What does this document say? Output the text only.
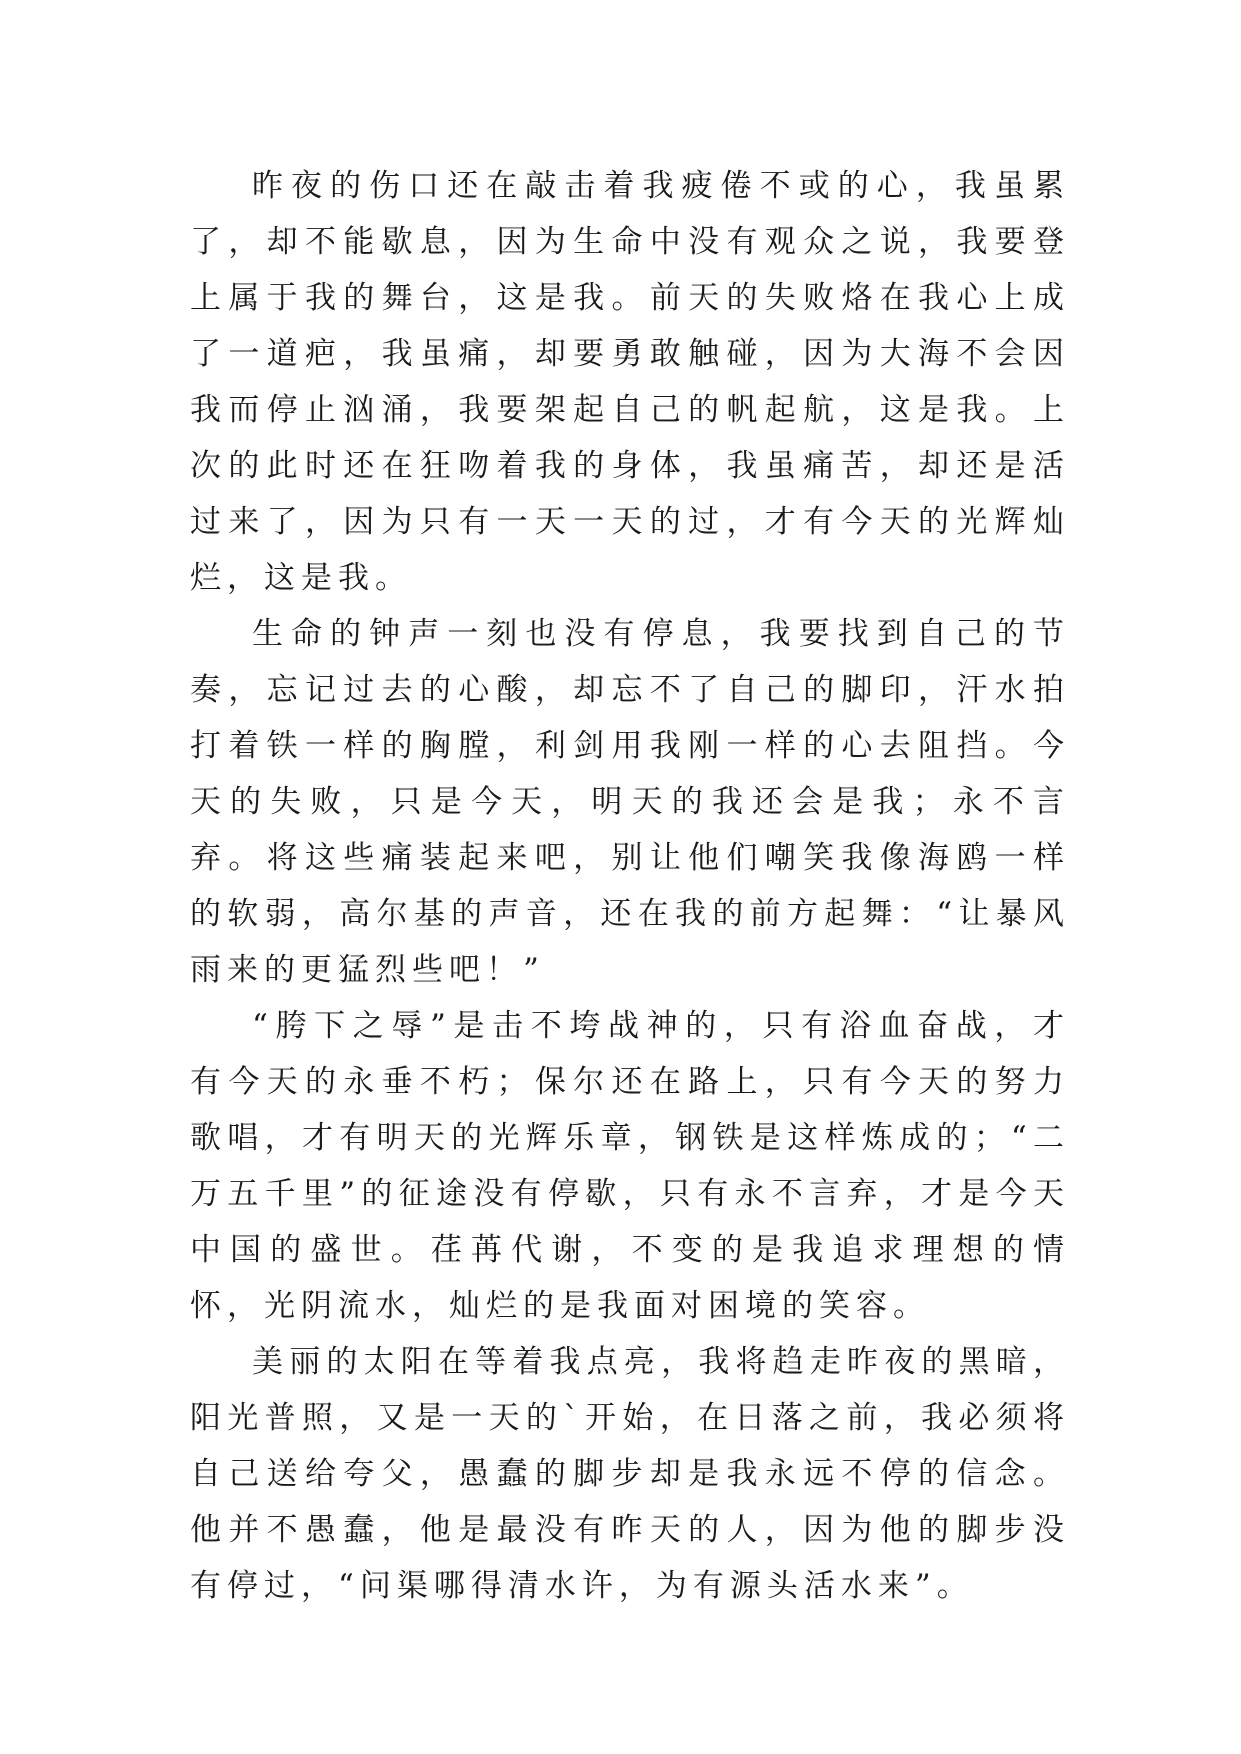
昨夜的伤口还在敲击着我疲倦不或的心，我虽累了，却不能歇息，因为生命中没有观众之说，我要登上属于我的舞台，这是我。前天的失败烙在我心上成了一道疤，我虽痛，却要勇敢触碰，因为大海不会因我而停止汹涌，我要架起自己的帆起航，这是我。上次的此时还在狂吻着我的身体，我虽痛苦，却还是活过来了，因为只有一天一天的过，才有今天的光辉灿烂，这是我。

生命的钟声一刻也没有停息，我要找到自己的节奏，忘记过去的心酸，却忘不了自己的脚印，汗水拍打着铁一样的胸膛，利剑用我刚一样的心去阻挡。今天的失败，只是今天，明天的我还会是我；永不言弃。将这些痛装起来吧，别让他们嘲笑我像海鸥一样的软弱，高尔基的声音，还在我的前方起舞：“让暴风雨来的更猛烈些吧！”

“胯下之辱”是击不垮战神的，只有浴血奋战，才有今天的永垂不朽；保尔还在路上，只有今天的努力歌唱，才有明天的光辉乐章，钢铁是这样炼成的；“二万五千里”的征途没有停歇，只有永不言弃，才是今天中国的盛世。荏苒代谢，不变的是我追求理想的情怀，光阴流水，灿烂的是我面对困境的笑容。

美丽的太阳在等着我点亮，我将趋走昨夜的黑暗，阳光普照，又是一天的`开始，在日落之前，我必须将自己送给夸父，愚蠢的脚步却是我永远不停的信念。他并不愚蠢，他是最没有昨天的人，因为他的脚步没有停过，“问渠哪得清水许，为有源头活水来”。
